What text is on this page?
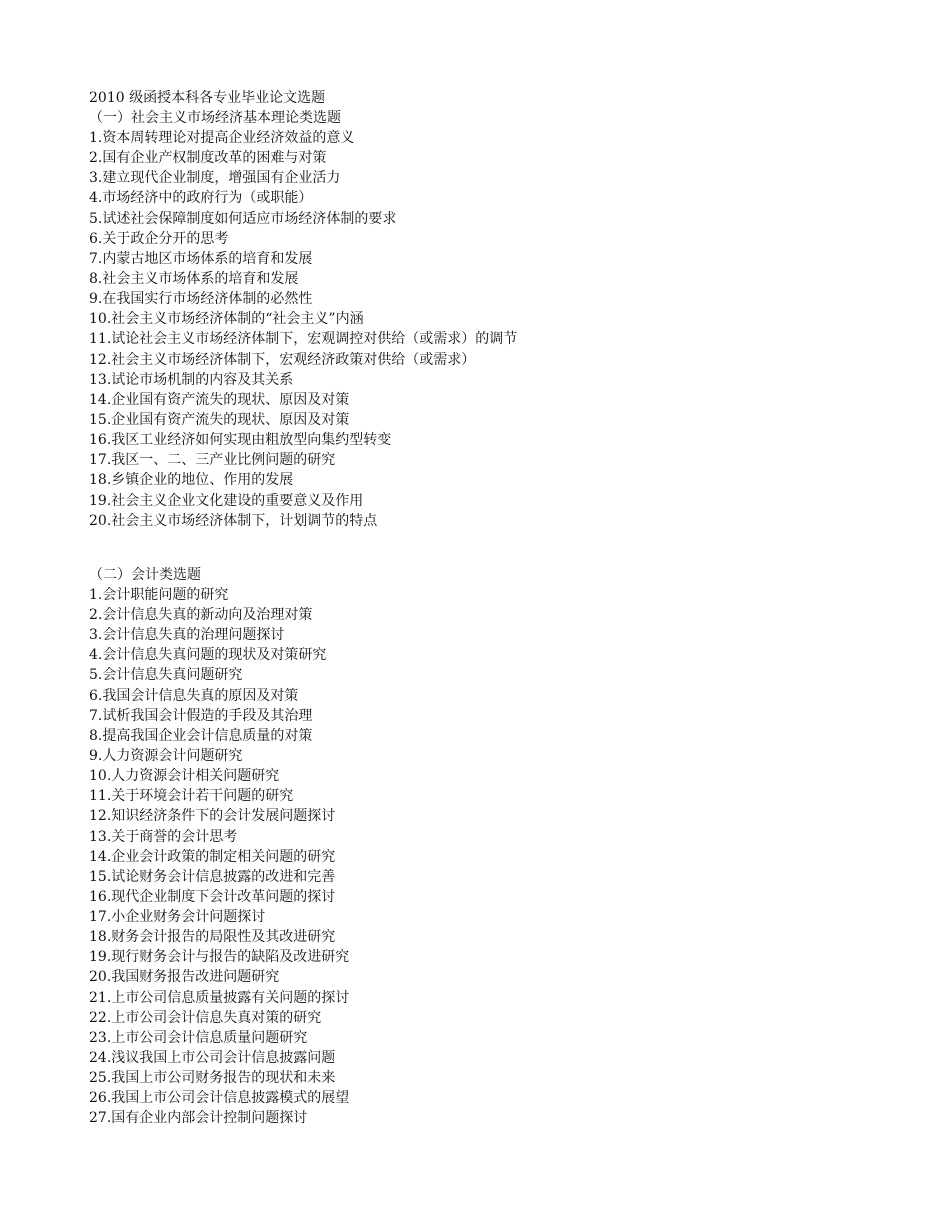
2010 级函授本科各专业毕业论文选题
（一）社会主义市场经济基本理论类选题
1.资本周转理论对提高企业经济效益的意义
2.国有企业产权制度改革的困难与对策
3.建立现代企业制度，增强国有企业活力
4.市场经济中的政府行为（或职能）
5.试述社会保障制度如何适应市场经济体制的要求
6.关于政企分开的思考
7.内蒙古地区市场体系的培育和发展
8.社会主义市场体系的培育和发展
9.在我国实行市场经济体制的必然性
10.社会主义市场经济体制的“社会主义”内涵
11.试论社会主义市场经济体制下，宏观调控对供给（或需求）的调节
12.社会主义市场经济体制下，宏观经济政策对供给（或需求）
13.试论市场机制的内容及其关系
14.企业国有资产流失的现状、原因及对策
15.企业国有资产流失的现状、原因及对策
16.我区工业经济如何实现由粗放型向集约型转变
17.我区一、二、三产业比例问题的研究
18.乡镇企业的地位、作用的发展
19.社会主义企业文化建设的重要意义及作用
20.社会主义市场经济体制下，计划调节的特点
（二）会计类选题
1.会计职能问题的研究
2.会计信息失真的新动向及治理对策
3.会计信息失真的治理问题探讨
4.会计信息失真问题的现状及对策研究
5.会计信息失真问题研究
6.我国会计信息失真的原因及对策
7.试析我国会计假造的手段及其治理
8.提高我国企业会计信息质量的对策
9.人力资源会计问题研究
10.人力资源会计相关问题研究
11.关于环境会计若干问题的研究
12.知识经济条件下的会计发展问题探讨
13.关于商誉的会计思考
14.企业会计政策的制定相关问题的研究
15.试论财务会计信息披露的改进和完善
16.现代企业制度下会计改革问题的探讨
17.小企业财务会计问题探讨
18.财务会计报告的局限性及其改进研究
19.现行财务会计与报告的缺陷及改进研究
20.我国财务报告改进问题研究
21.上市公司信息质量披露有关问题的探讨
22.上市公司会计信息失真对策的研究
23.上市公司会计信息质量问题研究
24.浅议我国上市公司会计信息披露问题
25.我国上市公司财务报告的现状和未来
26.我国上市公司会计信息披露模式的展望
27.国有企业内部会计控制问题探讨
